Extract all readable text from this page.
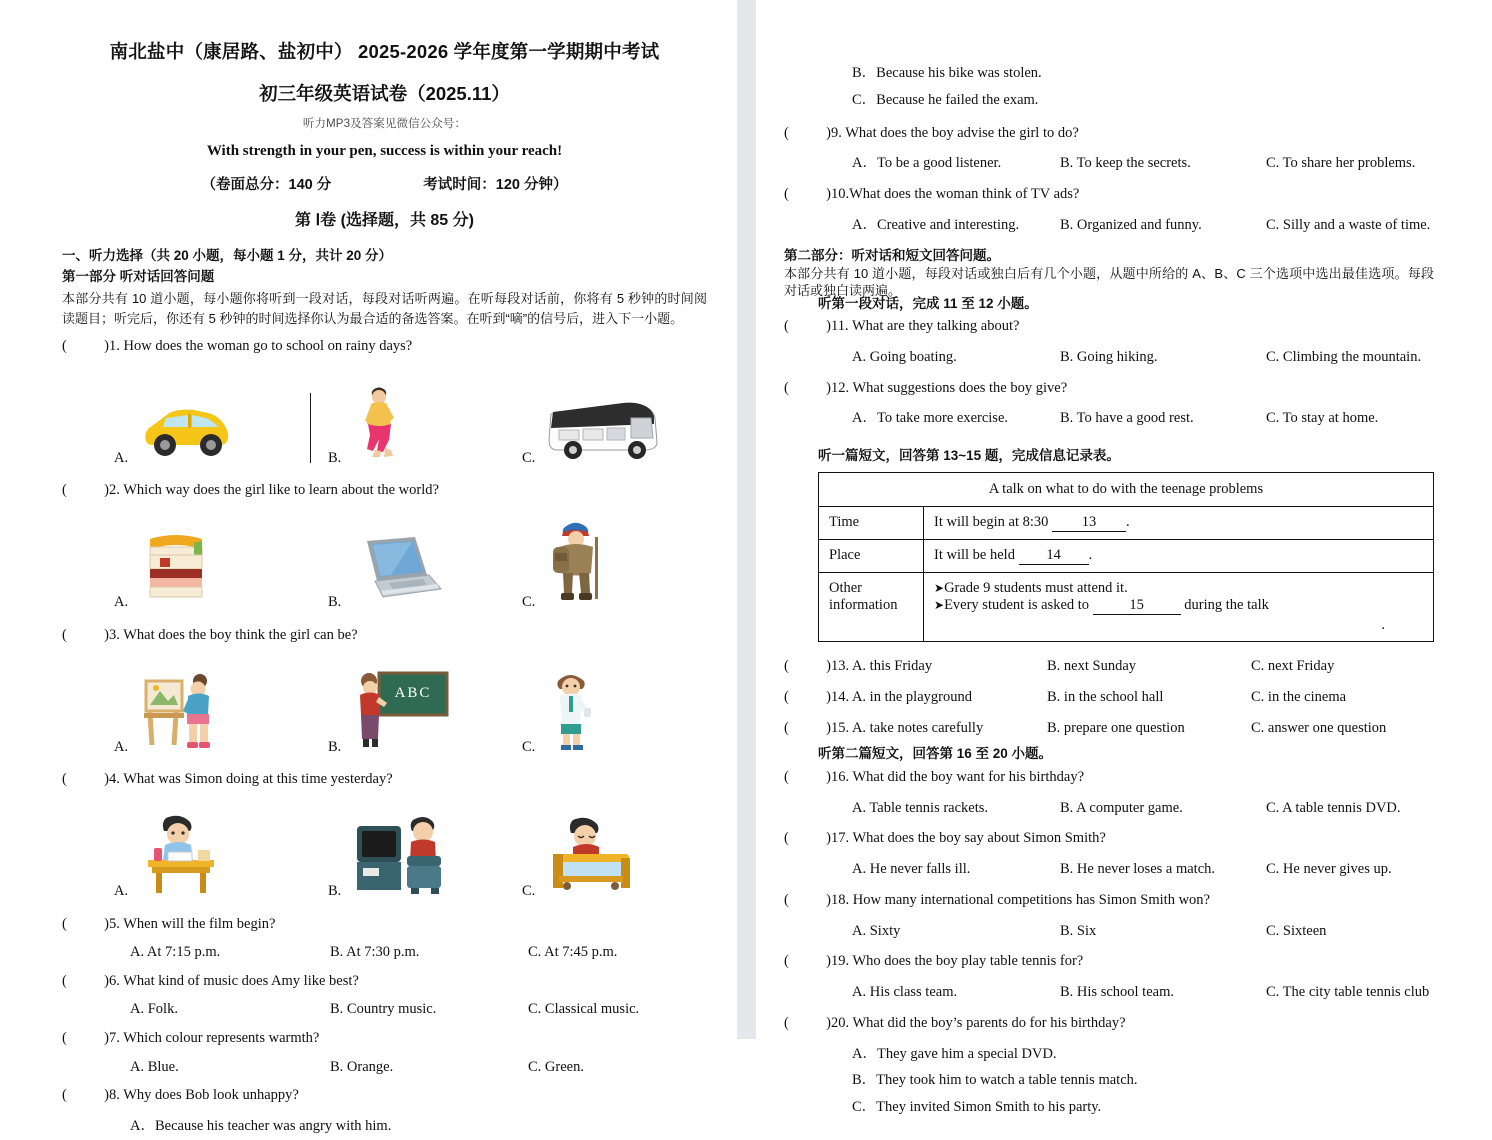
南北盐中（康居路、盐初中） 2025-2026 学年度第一学期期中考试
初三年级英语试卷（2025.11）
听力MP3及答案见微信公众号：
With strength in your pen, success is within your reach!
（卷面总分：140 分	考试时间：120 分钟）
第 Ⅰ卷 (选择题，共 85 分)
一、听力选择（共 20 小题，每小题 1 分，共计 20 分）
第一部分 听对话回答问题
本部分共有 10 道小题，每小题你将听到一段对话，每段对话听两遍。在听每段对话前，你将有 5 秒钟的时间阅读题目；听完后，你还有 5 秒钟的时间选择你认为最合适的备选答案。在听到“嘀”的信号后，进入下一小题。
( )1. How does the woman go to school on rainy days?
A.	B.	C.
( )2. Which way does the girl like to learn about the world?
A.	B.	C.
( )3. What does the boy think the girl can be?
A.	B.
ABC
C.
( )4. What was Simon doing at this time yesterday?
A.	B.	C.
( )5. When will the film begin?
A. At 7:15 p.m.	B. At 7:30 p.m.	C. At 7:45 p.m.
( )6. What kind of music does Amy like best?
A. Folk.	B. Country music.	C. Classical music.
( )7. Which colour represents warmth?
A. Blue.	B. Orange.	C. Green.
( )8. Why does Bob look unhappy?
A．Because his teacher was angry with him.
B．Because his bike was stolen.
C．Because he failed the exam.
( )9. What does the boy advise the girl to do?
A．To be a good listener.	B. To keep the secrets.	C. To share her problems.
( )10.What does the woman think of TV ads?
A．Creative and interesting.	B. Organized and funny.	C. Silly and a waste of time.
第二部分：听对话和短文回答问题。
本部分共有 10 道小题，每段对话或独白后有几个小题，从题中所给的 A、B、C 三个选项中选出最佳选项。每段对话或独白读两遍。
听第一段对话，完成 11 至 12 小题。
( )11. What are they talking about?
A. Going boating.	B. Going hiking.	C. Climbing the mountain.
( )12. What suggestions does the boy give?
A．To take more exercise.	B. To have a good rest.	C. To stay at home.
听一篇短文，回答第 13~15 题，完成信息记录表。
A talk on what to do with the teenage problems	
Time	It will begin at 8:30 13 .
Place	It will be held 14 .
Other information	➤Grade 9 students must attend it.
➤Every student is asked to 15 during the talk
.
( )
13. A. this Friday	B. next Sunday	C. next Friday
( )
14. A. in the playground	B. in the school hall	C. in the cinema
( )
15. A. take notes carefully	B. prepare one question	C. answer one question
听第二篇短文，回答第 16 至 20 小题。
( )16. What did the boy want for his birthday?
A. Table tennis rackets.	B. A computer game.	C. A table tennis DVD.
( )17. What does the boy say about Simon Smith?
A. He never falls ill.	B. He never loses a match.	C. He never gives up.
( )18. How many international competitions has Simon Smith won?
A. Sixty	B. Six	C. Sixteen
( )19. Who does the boy play table tennis for?
A. His class team.	B. His school team.	C. The city table tennis club
( )20. What did the boy’s parents do for his birthday?
A．They gave him a special DVD.
B．They took him to watch a table tennis match.
C．They invited Simon Smith to his party.
